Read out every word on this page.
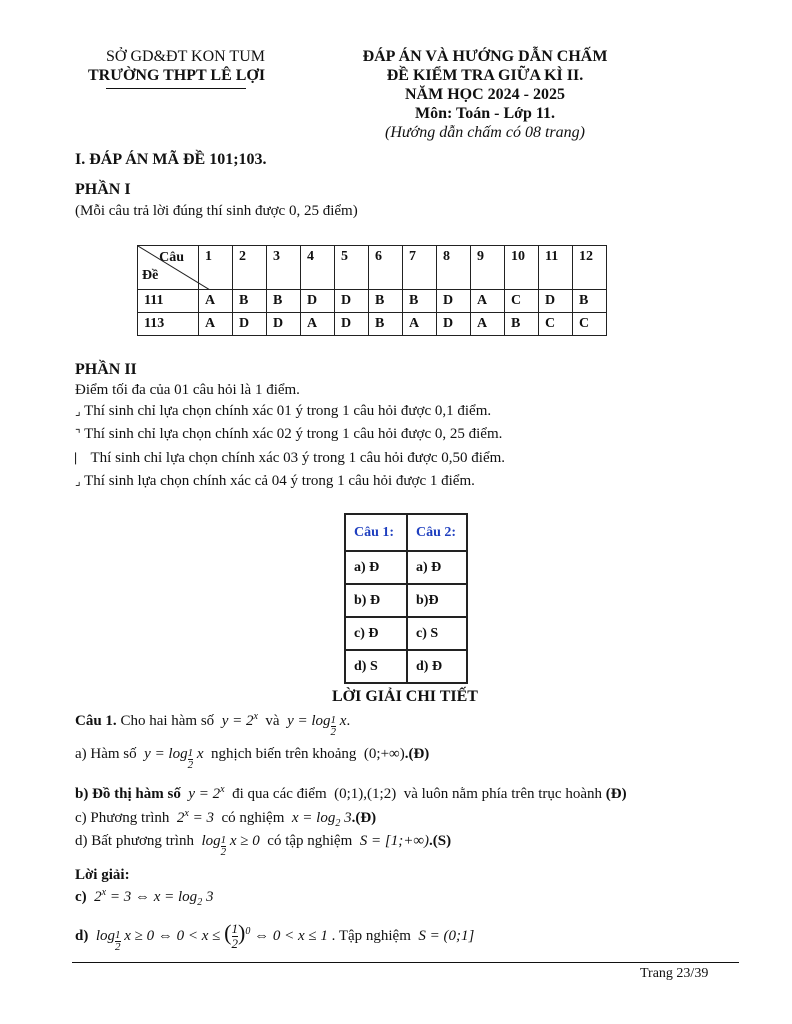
SỞ GD&ĐT KON TUM
TRƯỜNG THPT LÊ LỢI
ĐÁP ÁN VÀ HƯỚNG DẪN CHẤM
ĐỀ KIỂM TRA GIỮA KÌ II.
NĂM HỌC 2024 - 2025
Môn: Toán - Lớp 11.
(Hướng dẫn chấm có 08 trang)
I. ĐÁP ÁN MÃ ĐỀ 101;103.
PHẦN I
(Mỗi câu trả lời đúng thí sinh được 0, 25 điểm)
Câu
Đề	1	2	3	4	5	6	7	8	9	10	11	12
111	A	B	B	D	D	B	B	D	A	C	D	B
113	A	D	D	A	D	B	A	D	A	B	C	C
PHẦN II
Điểm tối đa của 01 câu hỏi là 1 điểm.
⌟ Thí sinh chỉ lựa chọn chính xác 01 ý trong 1 câu hỏi được 0,1 điểm.
⌝ Thí sinh chỉ lựa chọn chính xác 02 ý trong 1 câu hỏi được 0, 25 điểm.
⎸ Thí sinh chỉ lựa chọn chính xác 03 ý trong 1 câu hỏi được 0,50 điểm.
⌟ Thí sinh lựa chọn chính xác cả 04 ý trong 1 câu hỏi được 1 điểm.
Câu 1:	Câu 2:
a) Đ	a) Đ
b) Đ	b)Đ
c) Đ	c) S
d) S	d) Đ
LỜI GIẢI CHI TIẾT
Câu 1. Cho hai hàm số  $y = 2^x$ và  y = log $_{\frac{1}{2}}$ x.
a) Hàm số  y = log $_{\frac{1}{2}}$ x  nghịch biến trên khoảng  (0;+∞).(Đ)
b) Đồ thị hàm số  $y = 2^x$ đi qua các điểm  (0;1),(1;2)  và luôn nằm phía trên trục hoành (Đ)
c) Phương trình  $2^x = 3$  có nghiệm  $x = \log_2$ 3.(Đ)
d) Bất phương trình  log $_{\frac{1}{2}}$ x ≥ 0  có tập nghiệm  S = [1;+∞).(S)
Lời giải:
c)  $2^x = 3$ ⇔ $x = \log_2 3$
d)  log $_{\frac{1}{2}}$ x ≥ 0 ⇔ 0 < x ≤ ( $\frac{1}{2} )^0$ ⇔ 0 < x ≤ 1 . Tập nghiệm  S = (0;1]
Trang 23/39
